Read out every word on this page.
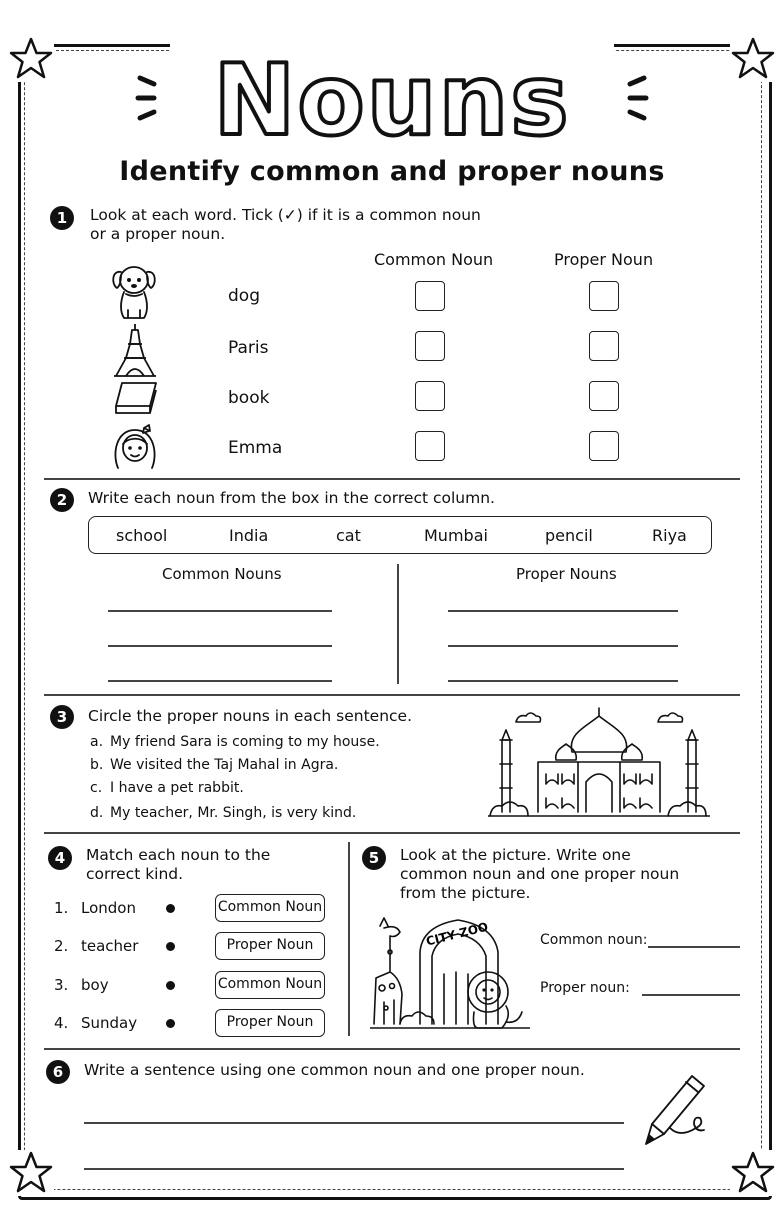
Nouns
Identify common and proper nouns
1	Look at each word. Tick (✓) if it is a common noun
or a proper noun.
Common Noun	Proper Noun
dog
Paris
book
Emma
2	Write each noun from the box in the correct column.
school	India	cat	Mumbai	pencil	Riya
Common Nouns	Proper Nouns
3	Circle the proper nouns in each sentence.
a. My friend Sara is coming to my house.
b. We visited the Taj Mahal in Agra.
c. I have a pet rabbit.
d. My teacher, Mr. Singh, is very kind.
4	Match each noun to the
correct kind.
1. London	Common Noun
2. teacher	Proper Noun
3. boy	Common Noun
4. Sunday	Proper Noun
5	Look at the picture. Write one
common noun and one proper noun
from the picture.
CITY ZOO	Common noun:
Proper noun:
6	Write a sentence using one common noun and one proper noun.
